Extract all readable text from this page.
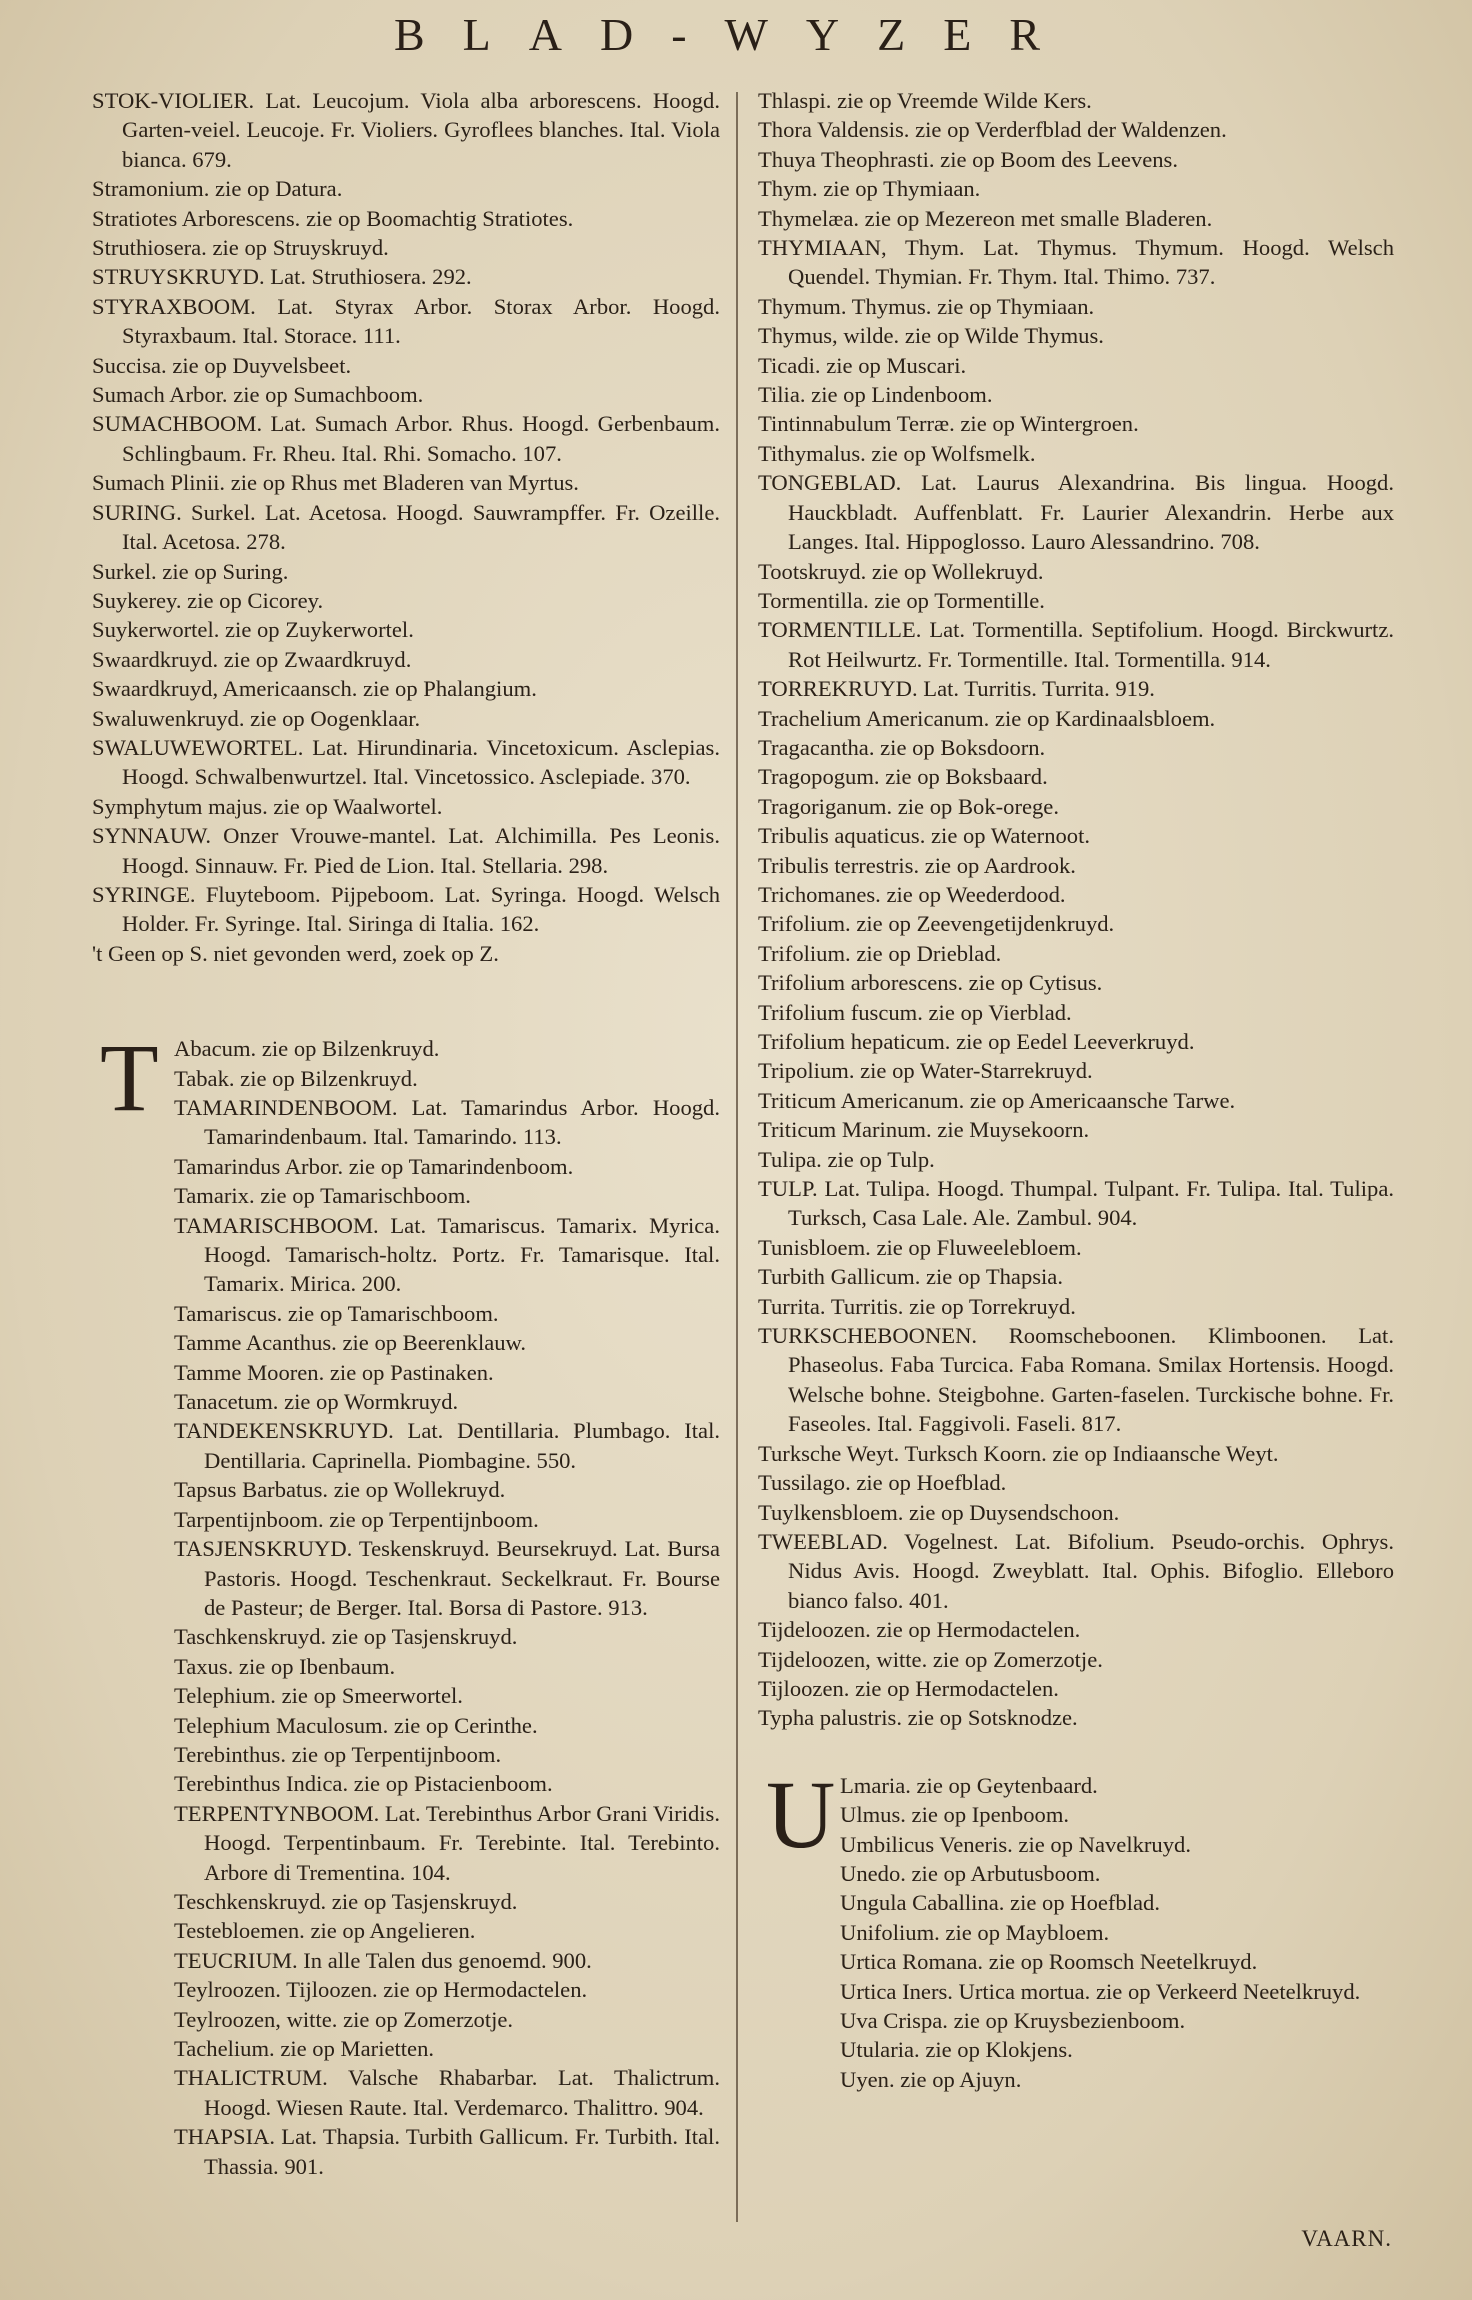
BLAD-WYZER

STOK-VIOLIER. Lat. Leucojum. Viola alba arborescens. Hoogd. Garten-veiel. Leucoje. Fr. Violiers. Gyroflees blanches. Ital. Viola bianca. 679.

Stramonium. zie op Datura.

Stratiotes Arborescens. zie op Boomachtig Stratiotes.

Struthiosera. zie op Struyskruyd.

STRUYSKRUYD. Lat. Struthiosera. 292.

STYRAXBOOM. Lat. Styrax Arbor. Storax Arbor. Hoogd. Styraxbaum. Ital. Storace. 111.

Succisa. zie op Duyvelsbeet.

Sumach Arbor. zie op Sumachboom.

SUMACHBOOM. Lat. Sumach Arbor. Rhus. Hoogd. Gerbenbaum. Schlingbaum. Fr. Rheu. Ital. Rhi. Somacho. 107.

Sumach Plinii. zie op Rhus met Bladeren van Myrtus.

SURING. Surkel. Lat. Acetosa. Hoogd. Sauwrampffer. Fr. Ozeille. Ital. Acetosa. 278.

Surkel. zie op Suring.

Suykerey. zie op Cicorey.

Suykerwortel. zie op Zuykerwortel.

Swaardkruyd. zie op Zwaardkruyd.

Swaardkruyd, Americaansch. zie op Phalangium.

Swaluwenkruyd. zie op Oogenklaar.

SWALUWEWORTEL. Lat. Hirundinaria. Vincetoxicum. Asclepias. Hoogd. Schwalbenwurtzel. Ital. Vincetossico. Asclepiade. 370.

Symphytum majus. zie op Waalwortel.

SYNNAUW. Onzer Vrouwe-mantel. Lat. Alchimilla. Pes Leonis. Hoogd. Sinnauw. Fr. Pied de Lion. Ital. Stellaria. 298.

SYRINGE. Fluyteboom. Pijpeboom. Lat. Syringa. Hoogd. Welsch Holder. Fr. Syringe. Ital. Siringa di Italia. 162.

't Geen op S. niet gevonden werd, zoek op Z.

T Abacum. zie op Bilzenkruyd.

Tabak. zie op Bilzenkruyd.

TAMARINDENBOOM. Lat. Tamarindus Arbor. Hoogd. Tamarindenbaum. Ital. Tamarindo. 113.

Tamarindus Arbor. zie op Tamarindenboom.

Tamarix. zie op Tamarischboom.

TAMARISCHBOOM. Lat. Tamariscus. Tamarix. Myrica. Hoogd. Tamarisch-holtz. Portz. Fr. Tamarisque. Ital. Tamarix. Mirica. 200.

Tamariscus. zie op Tamarischboom.

Tamme Acanthus. zie op Beerenklauw.

Tamme Mooren. zie op Pastinaken.

Tanacetum. zie op Wormkruyd.

TANDEKENSKRUYD. Lat. Dentillaria. Plumbago. Ital. Dentillaria. Caprinella. Piombagine. 550.

Tapsus Barbatus. zie op Wollekruyd.

Tarpentijnboom. zie op Terpentijnboom.

TASJENSKRUYD. Teskenskruyd. Beursekruyd. Lat. Bursa Pastoris. Hoogd. Teschenkraut. Seckelkraut. Fr. Bourse de Pasteur; de Berger. Ital. Borsa di Pastore. 913.

Taschkenskruyd. zie op Tasjenskruyd.

Taxus. zie op Ibenbaum.

Telephium. zie op Smeerwortel.

Telephium Maculosum. zie op Cerinthe.

Terebinthus. zie op Terpentijnboom.

Terebinthus Indica. zie op Pistacienboom.

TERPENTYNBOOM. Lat. Terebinthus Arbor Grani Viridis. Hoogd. Terpentinbaum. Fr. Terebinte. Ital. Terebinto. Arbore di Trementina. 104.

Teschkenskruyd. zie op Tasjenskruyd.

Testebloemen. zie op Angelieren.

TEUCRIUM. In alle Talen dus genoemd. 900.

Teylroozen. Tijloozen. zie op Hermodactelen.

Teylroozen, witte. zie op Zomerzotje.

Tachelium. zie op Marietten.

THALICTRUM. Valsche Rhabarbar. Lat. Thalictrum. Hoogd. Wiesen Raute. Ital. Verdemarco. Thalittro. 904.

THAPSIA. Lat. Thapsia. Turbith Gallicum. Fr. Turbith. Ital. Thassia. 901.

Thlaspi. zie op Vreemde Wilde Kers.

Thora Valdensis. zie op Verderfblad der Waldenzen.

Thuya Theophrasti. zie op Boom des Leevens.

Thym. zie op Thymiaan.

Thymelæa. zie op Mezereon met smalle Bladeren.

THYMIAAN, Thym. Lat. Thymus. Thymum. Hoogd. Welsch Quendel. Thymian. Fr. Thym. Ital. Thimo. 737.

Thymum. Thymus. zie op Thymiaan.

Thymus, wilde. zie op Wilde Thymus.

Ticadi. zie op Muscari.

Tilia. zie op Lindenboom.

Tintinnabulum Terræ. zie op Wintergroen.

Tithymalus. zie op Wolfsmelk.

TONGEBLAD. Lat. Laurus Alexandrina. Bis lingua. Hoogd. Hauckbladt. Auffenblatt. Fr. Laurier Alexandrin. Herbe aux Langes. Ital. Hippoglosso. Lauro Alessandrino. 708.

Tootskruyd. zie op Wollekruyd.

Tormentilla. zie op Tormentille.

TORMENTILLE. Lat. Tormentilla. Septifolium. Hoogd. Birckwurtz. Rot Heilwurtz. Fr. Tormentille. Ital. Tormentilla. 914.

TORREKRUYD. Lat. Turritis. Turrita. 919.

Trachelium Americanum. zie op Kardinaalsbloem.

Tragacantha. zie op Boksdoorn.

Tragopogum. zie op Boksbaard.

Tragoriganum. zie op Bok-orege.

Tribulis aquaticus. zie op Waternoot.

Tribulis terrestris. zie op Aardrook.

Trichomanes. zie op Weederdood.

Trifolium. zie op Zeevengetijdenkruyd.

Trifolium. zie op Drieblad.

Trifolium arborescens. zie op Cytisus.

Trifolium fuscum. zie op Vierblad.

Trifolium hepaticum. zie op Eedel Leeverkruyd.

Tripolium. zie op Water-Starrekruyd.

Triticum Americanum. zie op Americaansche Tarwe.

Triticum Marinum. zie Muysekoorn.

Tulipa. zie op Tulp.

TULP. Lat. Tulipa. Hoogd. Thumpal. Tulpant. Fr. Tulipa. Ital. Tulipa. Turksch, Casa Lale. Ale. Zambul. 904.

Tunisbloem. zie op Fluweelebloem.

Turbith Gallicum. zie op Thapsia.

Turrita. Turritis. zie op Torrekruyd.

TURKSCHEBOONEN. Roomscheboonen. Klimboonen. Lat. Phaseolus. Faba Turcica. Faba Romana. Smilax Hortensis. Hoogd. Welsche bohne. Steigbohne. Garten-faselen. Turckische bohne. Fr. Faseoles. Ital. Faggivoli. Faseli. 817.

Turksche Weyt. Turksch Koorn. zie op Indiaansche Weyt.

Tussilago. zie op Hoefblad.

Tuylkensbloem. zie op Duysendschoon.

TWEEBLAD. Vogelnest. Lat. Bifolium. Pseudo-orchis. Ophrys. Nidus Avis. Hoogd. Zweyblatt. Ital. Ophis. Bifoglio. Elleboro bianco falso. 401.

Tijdeloozen. zie op Hermodactelen.

Tijdeloozen, witte. zie op Zomerzotje.

Tijloozen. zie op Hermodactelen.

Typha palustris. zie op Sotsknodze.

U Lmaria. zie op Geytenbaard.

Ulmus. zie op Ipenboom.

Umbilicus Veneris. zie op Navelkruyd.

Unedo. zie op Arbutusboom.

Ungula Caballina. zie op Hoefblad.

Unifolium. zie op Maybloem.

Urtica Romana. zie op Roomsch Neetelkruyd.

Urtica Iners. Urtica mortua. zie op Verkeerd Neetelkruyd.

Uva Crispa. zie op Kruysbezienboom.

Utularia. zie op Klokjens.

Uyen. zie op Ajuyn.

VAARN.
